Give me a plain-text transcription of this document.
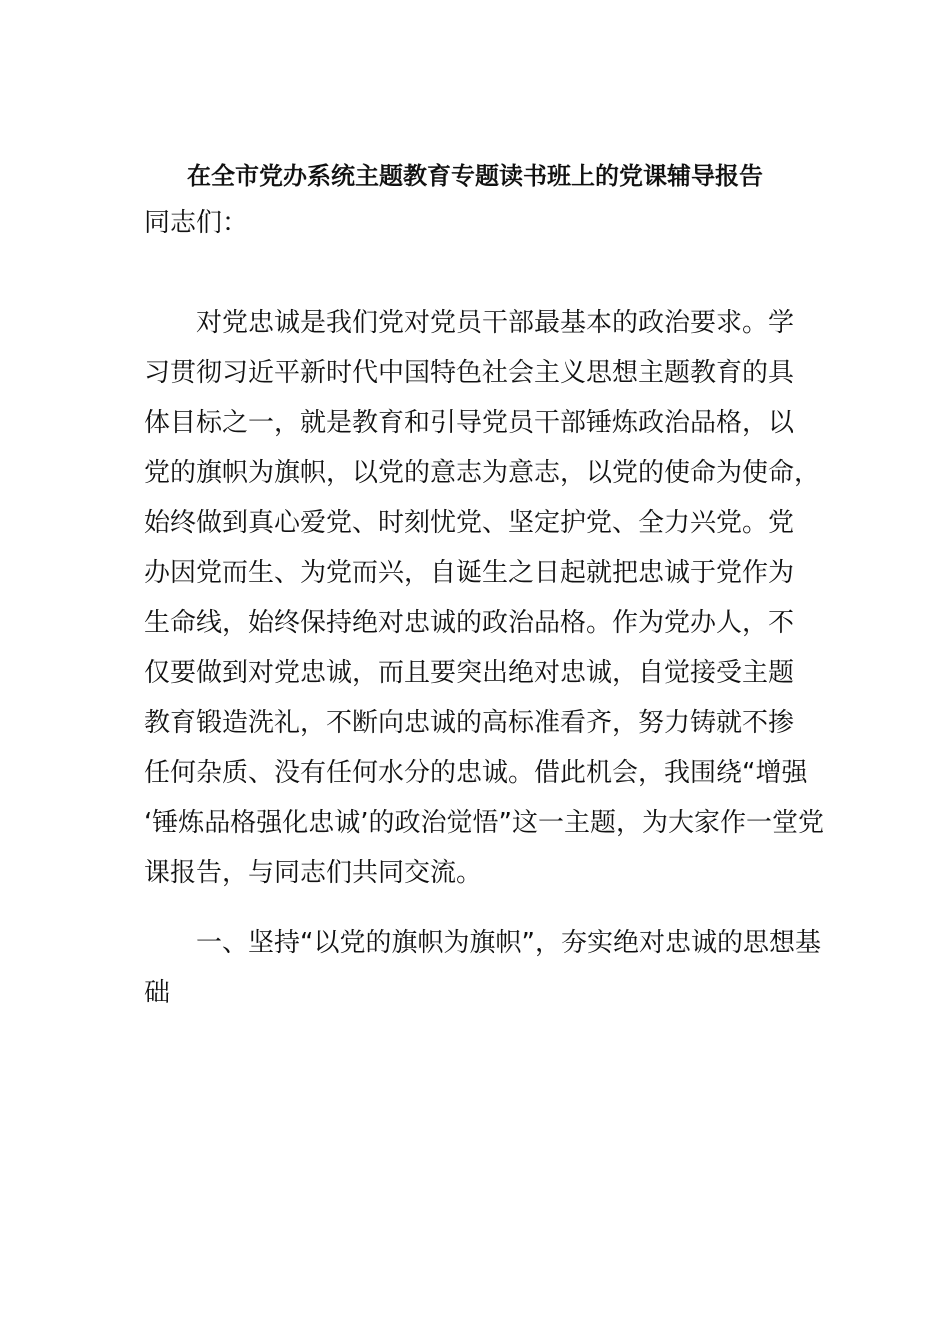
在全市党办系统主题教育专题读书班上的党课辅导报告
同志们：
对党忠诚是我们党对党员干部最基本的政治要求。学
习贯彻习近平新时代中国特色社会主义思想主题教育的具
体目标之一，就是教育和引导党员干部锤炼政治品格，以
党的旗帜为旗帜，以党的意志为意志，以党的使命为使命，
始终做到真心爱党、时刻忧党、坚定护党、全力兴党。党
办因党而生、为党而兴，自诞生之日起就把忠诚于党作为
生命线，始终保持绝对忠诚的政治品格。作为党办人，不
仅要做到对党忠诚，而且要突出绝对忠诚，自觉接受主题
教育锻造洗礼，不断向忠诚的高标准看齐，努力铸就不掺
任何杂质、没有任何水分的忠诚。借此机会，我围绕“增强
‘锤炼品格强化忠诚’的政治觉悟”这一主题，为大家作一堂党
课报告，与同志们共同交流。
一、坚持“以党的旗帜为旗帜”，夯实绝对忠诚的思想基
础
